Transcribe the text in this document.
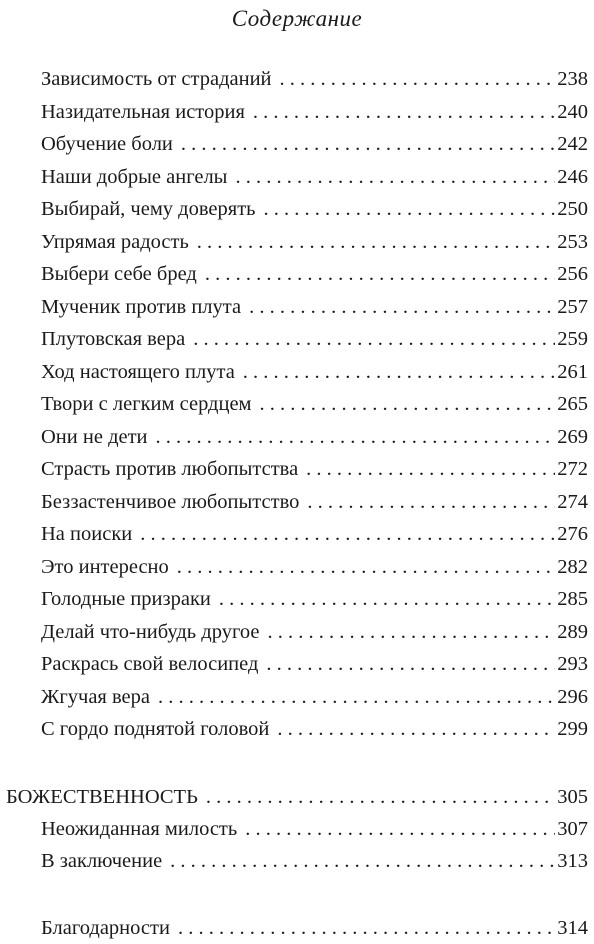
Содержание
Зависимость от страданий . . .	238
Назидательная история . . .	240
Обучение боли . . .	242
Наши добрые ангелы . . .	246
Выбирай, чему доверять . . .	250
Упрямая радость . . .	253
Выбери себе бред . . .	256
Мученик против плута . . .	257
Плутовская вера . . .	259
Ход настоящего плута . . .	261
Твори с легким сердцем . . .	265
Они не дети . . .	269
Страсть против любопытства . . .	272
Беззастенчивое любопытство . . .	274
На поиски . . .	276
Это интересно . . .	282
Голодные призраки . . .	285
Делай что-нибудь другое . . .	289
Раскрась свой велосипед . . .	293
Жгучая вера . . .	296
С гордо поднятой головой . . .	299
БОЖЕСТВЕННОСТЬ . . .	305
Неожиданная милость . . .	307
В заключение . . .	313
Благодарности . . .	314
